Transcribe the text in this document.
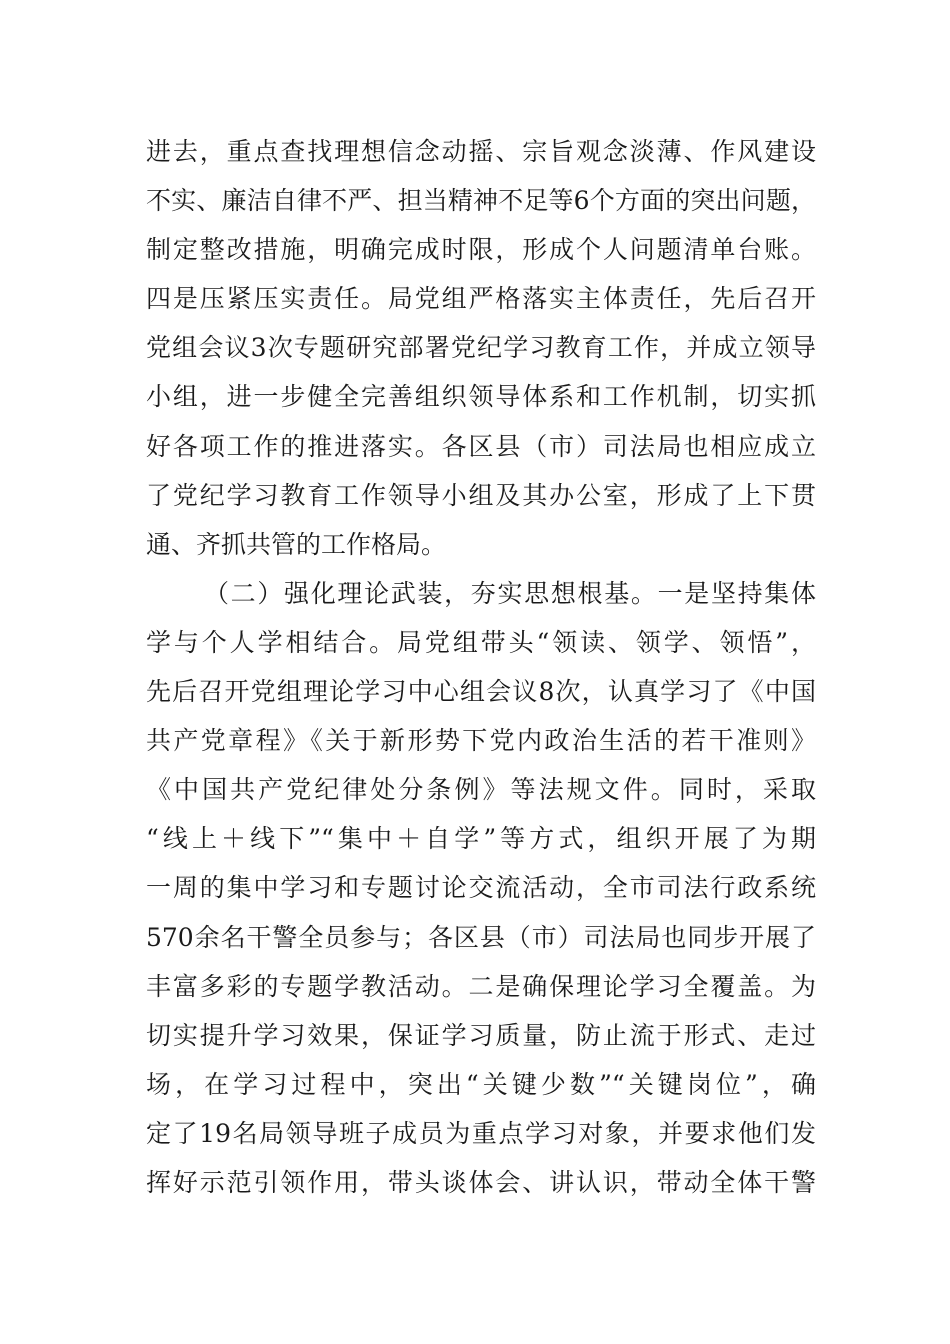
进去，重点查找理想信念动摇、宗旨观念淡薄、作风建设
不实、廉洁自律不严、担当精神不足等6个方面的突出问题，
制定整改措施，明确完成时限，形成个人问题清单台账。
四是压紧压实责任。局党组严格落实主体责任，先后召开
党组会议3次专题研究部署党纪学习教育工作，并成立领导
小组，进一步健全完善组织领导体系和工作机制，切实抓
好各项工作的推进落实。各区县（市）司法局也相应成立
了党纪学习教育工作领导小组及其办公室，形成了上下贯
通、齐抓共管的工作格局。
（二）强化理论武装，夯实思想根基。一是坚持集体
学与个人学相结合。局党组带头“领读、领学、领悟”，
先后召开党组理论学习中心组会议8次，认真学习了《中国
共产党章程》《关于新形势下党内政治生活的若干准则》
《中国共产党纪律处分条例》等法规文件。同时，采取
“线上＋线下”“集中＋自学”等方式，组织开展了为期
一周的集中学习和专题讨论交流活动，全市司法行政系统
570余名干警全员参与；各区县（市）司法局也同步开展了
丰富多彩的专题学教活动。二是确保理论学习全覆盖。为
切实提升学习效果，保证学习质量，防止流于形式、走过
场，在学习过程中，突出“关键少数”“关键岗位”，确
定了19名局领导班子成员为重点学习对象，并要求他们发
挥好示范引领作用，带头谈体会、讲认识，带动全体干警
